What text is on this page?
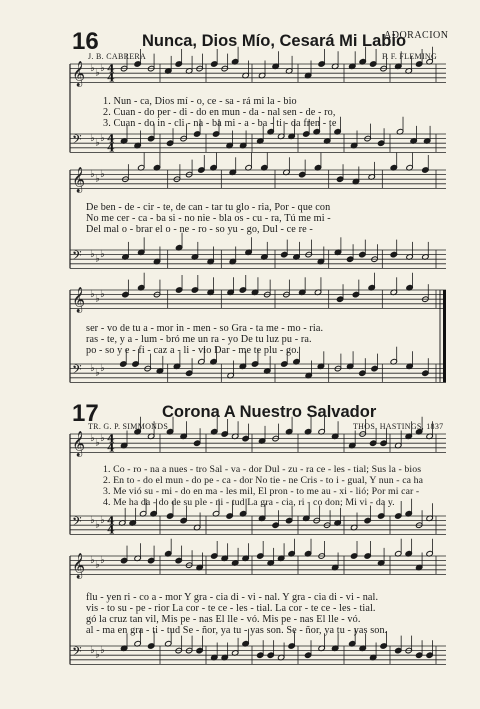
𝄞 ♭ ♭ ♭
𝄢 ♭ ♭ ♭
𝄞 ♭ ♭ ♭
𝄢 ♭ ♭ ♭
𝄞 ♭ ♭ ♭
𝄢 ♭ ♭ ♭
𝄞 ♭ ♭ ♭
𝄢 ♭ ♭ ♭
𝄞 ♭ ♭ ♭
𝄢 ♭ ♭ ♭
4
4
4
4
4
4
4
4
ADORACION
16	Nunca, Dios Mío, Cesará Mi Labio
J. B. CABRERA	F. F. FLEMING
1. Nun - ca, Dios mí - o, ce - sa - rá mi la - bio
2. Cuan - do per - di - do en mun - da - nal sen - de - ro,
3. Cuan - do in - cli - na - ba mi - a - ba - ti - da fren - te
De ben - de - cir - te, de can - tar tu glo - ria, Por - que con
No me cer - ca - ba si - no nie - bla os - cu - ra, Tú me mi -
Del mal o - brar el o - ne - ro - so yu - go, Dul - ce re -
ser - vo de tu a - mor in - men - so Gra - ta me - mo - ria.
ras - te, y a - lum - bró me un ra - yo De tu luz pu - ra.
po - so y e - fi - caz a - li - vio Dar - me te plu - go.
17	Corona A Nuestro Salvador
TR. G. P. SIMMONDS	THOS. HASTINGS, 1837
1. Co - ro - na a nues - tro Sal - va - dor Dul - zu - ra ce - les - tial; Sus la - bios
2. En to - do el mun - do pe - ca - dor No tie - ne Cris - to i - gual, Y nun - ca ha
3. Me vió su - mi - do en ma - les mil, El pron - to me au - xi - lió; Por mi car -
4. Me ha da - do de su ple - ni - tud La gra - cia, ri - co don; Mi vi - da y.
flu - yen ri - co a - mor Y gra - cia di - vi - nal. Y gra - cia di - vi - nal.
vis - to su - pe - rior La cor - te ce - les - tial. La cor - te ce - les - tial.
gó la cruz tan vil, Mis pe - nas El lle - vó. Mis pe - nas El lle - vó.
al - ma en gra - ti - tud Se - ñor, ya tu - yas son. Se - ñor, ya tu - yas son.
